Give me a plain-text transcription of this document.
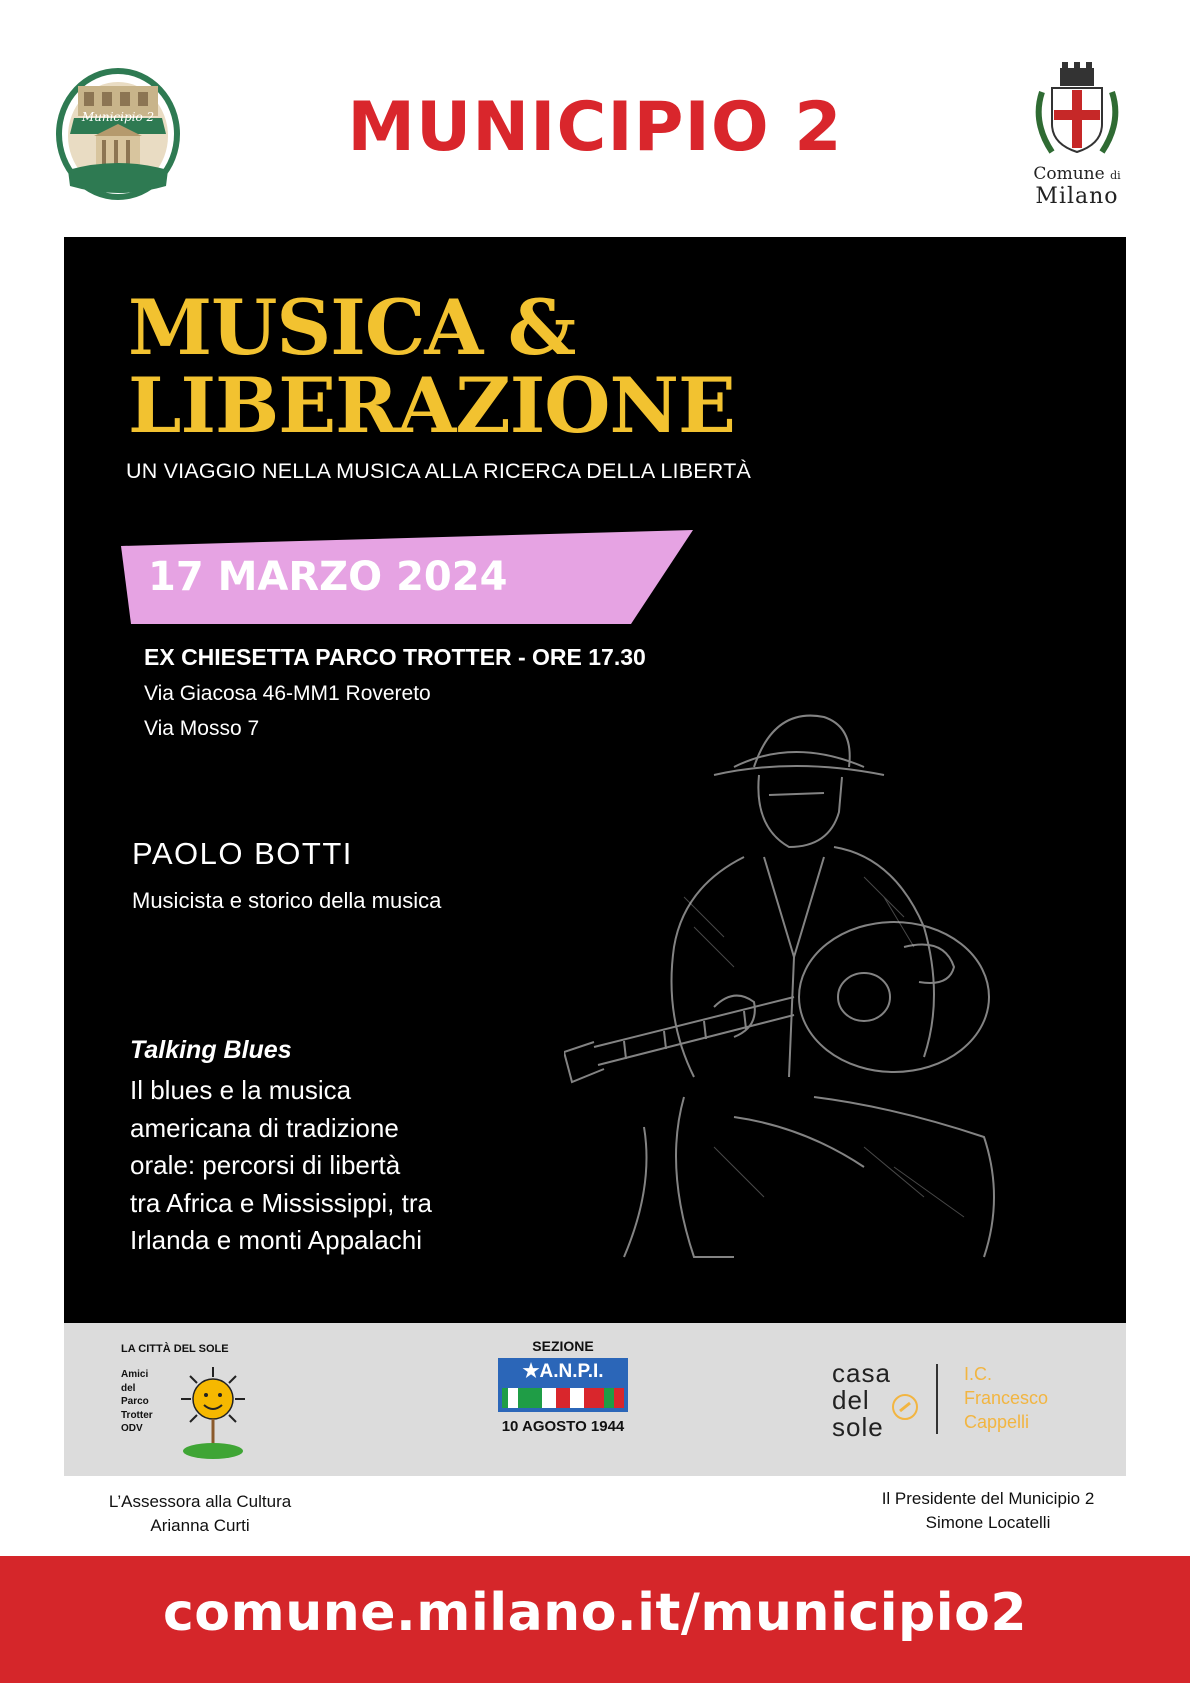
Municipio 2	MUNICIPIO 2
Comune di
Milano
MUSICA &
LIBERAZIONE
UN VIAGGIO NELLA MUSICA ALLA RICERCA DELLA LIBERTÀ
17 MARZO 2024
EX CHIESETTA PARCO TROTTER - ORE 17.30
Via Giacosa 46-MM1 Rovereto
Via Mosso 7
PAOLO BOTTI
Musicista e storico della musica
Talking Blues
Il blues e la musica
americana di tradizione
orale: percorsi di libertà
tra Africa e Mississippi, tra
Irlanda e monti Appalachi
LA CITTÀ DEL SOLE
Amici
del
Parco
Trotter
ODV
SEZIONE
★A.N.P.I.
10 AGOSTO 1944
casa
del
sole
I.C.
Francesco
Cappelli
L’Assessora alla Cultura
Arianna Curti
Il Presidente del Municipio 2
Simone Locatelli
comune.milano.it/municipio2
